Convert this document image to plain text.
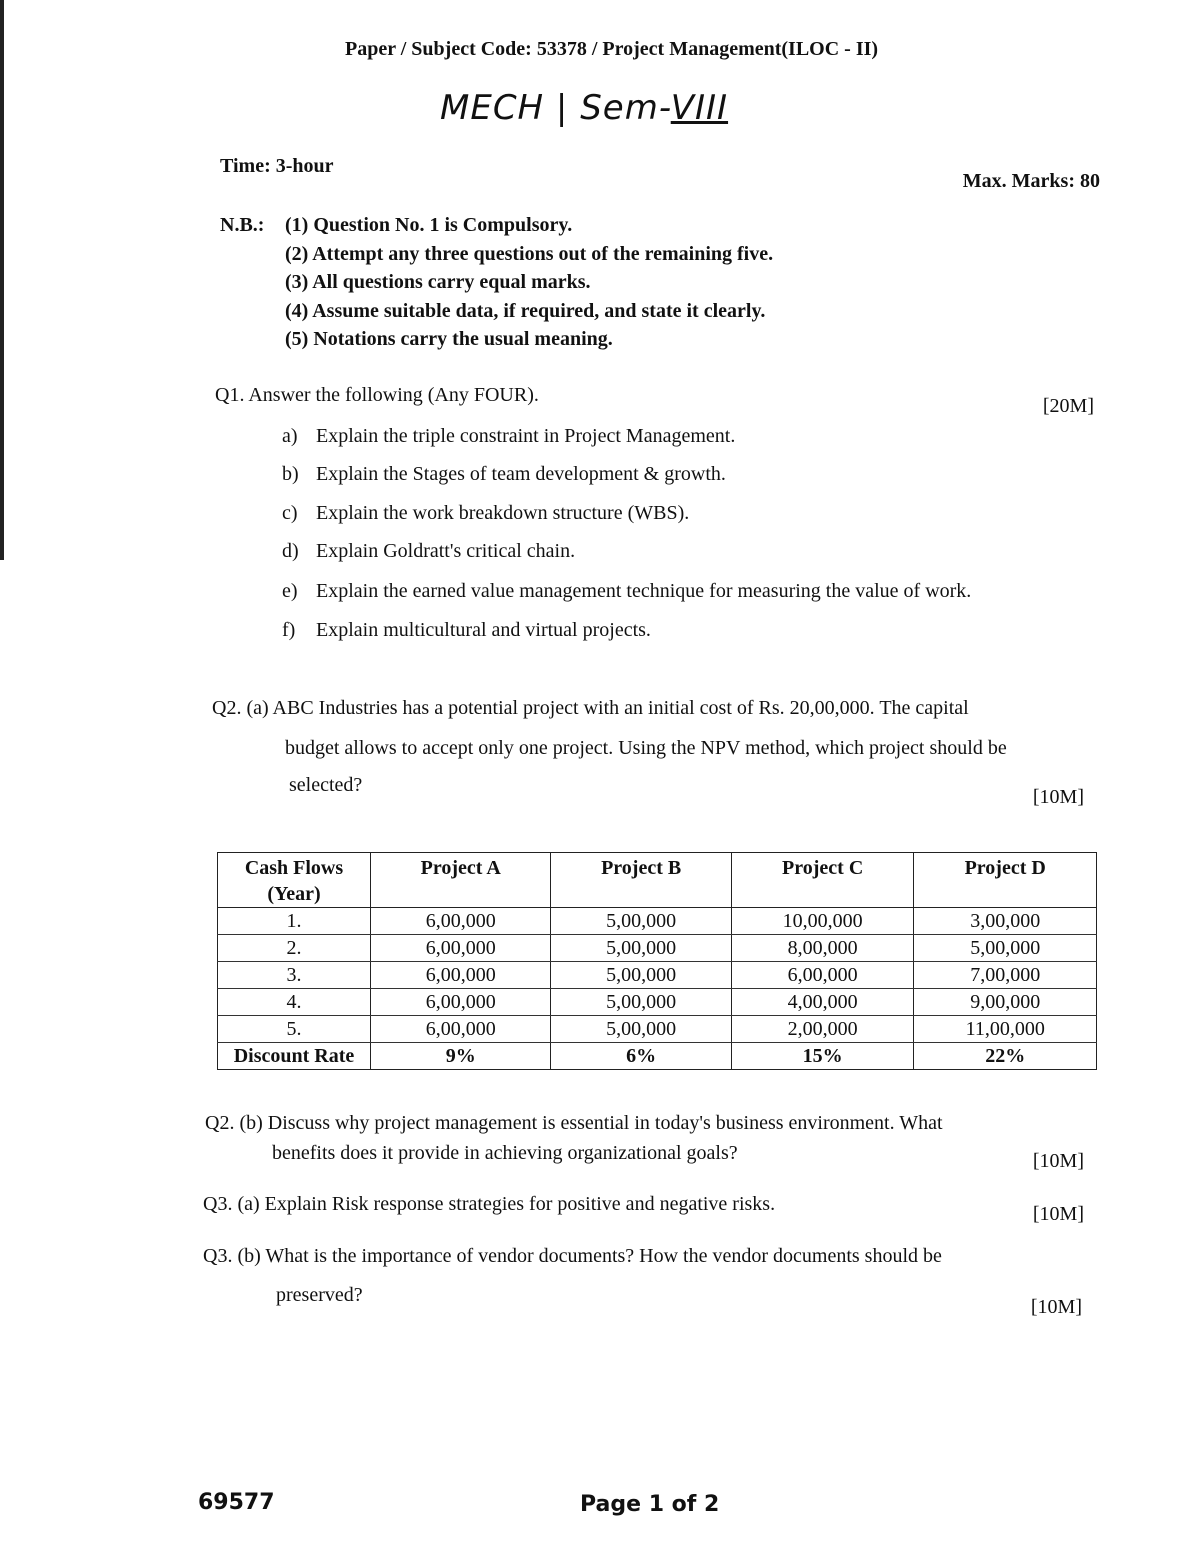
Paper / Subject Code: 53378 / Project Management(ILOC - II)
MECH | Sem-VIII
Time: 3-hour
Max. Marks: 80
N.B.: (1) Question No. 1 is Compulsory.
(2) Attempt any three questions out of the remaining five.
(3) All questions carry equal marks.
(4) Assume suitable data, if required, and state it clearly.
(5) Notations carry the usual meaning.
Q1. Answer the following (Any FOUR).	[20M]
a) Explain the triple constraint in Project Management.
b) Explain the Stages of team development & growth.
c) Explain the work breakdown structure (WBS).
d) Explain Goldratt's critical chain.
e) Explain the earned value management technique for measuring the value of work.
f) Explain multicultural and virtual projects.
Q2. (a) ABC Industries has a potential project with an initial cost of Rs. 20,00,000. The capital
budget allows to accept only one project. Using the NPV method, which project should be
selected?
[10M]
Cash Flows (Year)	Project A	Project B	Project C	Project D
1.	6,00,000	5,00,000	10,00,000	3,00,000
2.	6,00,000	5,00,000	8,00,000	5,00,000
3.	6,00,000	5,00,000	6,00,000	7,00,000
4.	6,00,000	5,00,000	4,00,000	9,00,000
5.	6,00,000	5,00,000	2,00,000	11,00,000
Discount Rate	9%	6%	15%	22%
Q2. (b) Discuss why project management is essential in today's business environment. What
benefits does it provide in achieving organizational goals?	[10M]
Q3. (a) Explain Risk response strategies for positive and negative risks.	[10M]
Q3. (b) What is the importance of vendor documents? How the vendor documents should be
preserved?
[10M]
69577	Page 1 of 2
